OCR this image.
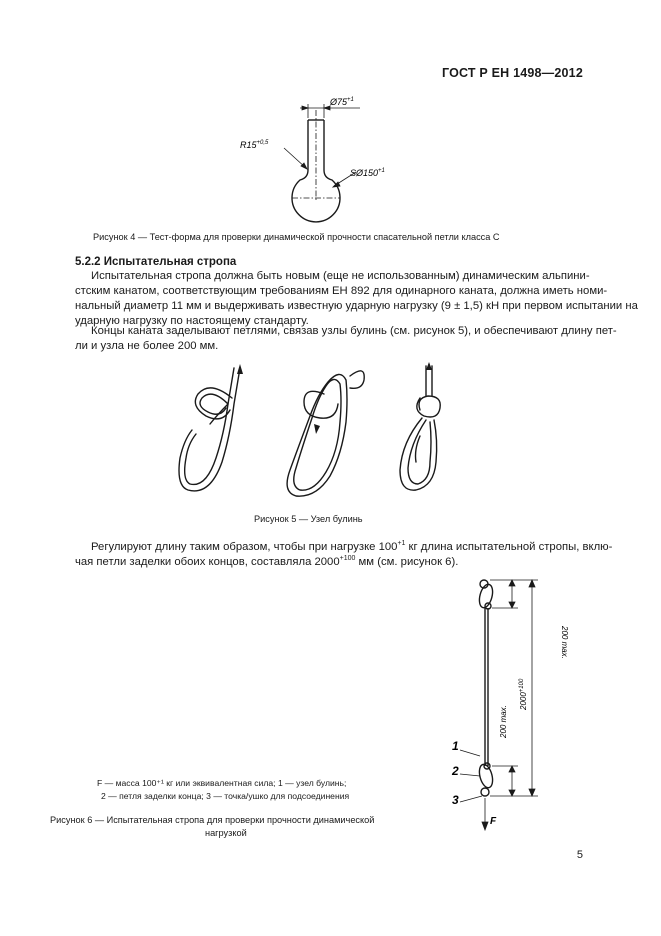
ГОСТ Р ЕН 1498—2012
$Ø75^{+1}$
$R15^{+0,5}$
$SØ150^{+1}$
Рисунок 4 — Тест-форма для проверки динамической прочности спасательной петли класса С
5.2.2 Испытательная стропа
Испытательная стропа должна быть новым (еще не использованным) динамическим альпини-
стским канатом, соответствующим требованиям ЕН 892 для одинарного каната, должна иметь номи-
нальный диаметр 11 мм и выдерживать известную ударную нагрузку (9 ± 1,5) кН при первом испытании на
ударную нагрузку по настоящему стандарту.
Концы каната заделывают петлями, связав узлы булинь (см. рисунок 5), и обеспечивают длину пет-
ли и узла не более 200 мм.
Рисунок 5 — Узел булинь
Регулируют длину таким образом, чтобы при нагрузке $100^{+1}$ кг длина испытательной стропы, вклю-
чая петли заделки обоих концов, составляла $2000^{+100}$ мм (см. рисунок 6).
200 max.
200 max.
$2000^{+100}$
1
2
3
F
F — масса 100⁺¹ кг или эквивалентная сила; 1 — узел булинь;
2 — петля заделки конца; 3 — точка/ушко для подсоединения
Рисунок 6 — Испытательная стропа для проверки прочности динамической
нагрузкой
5
